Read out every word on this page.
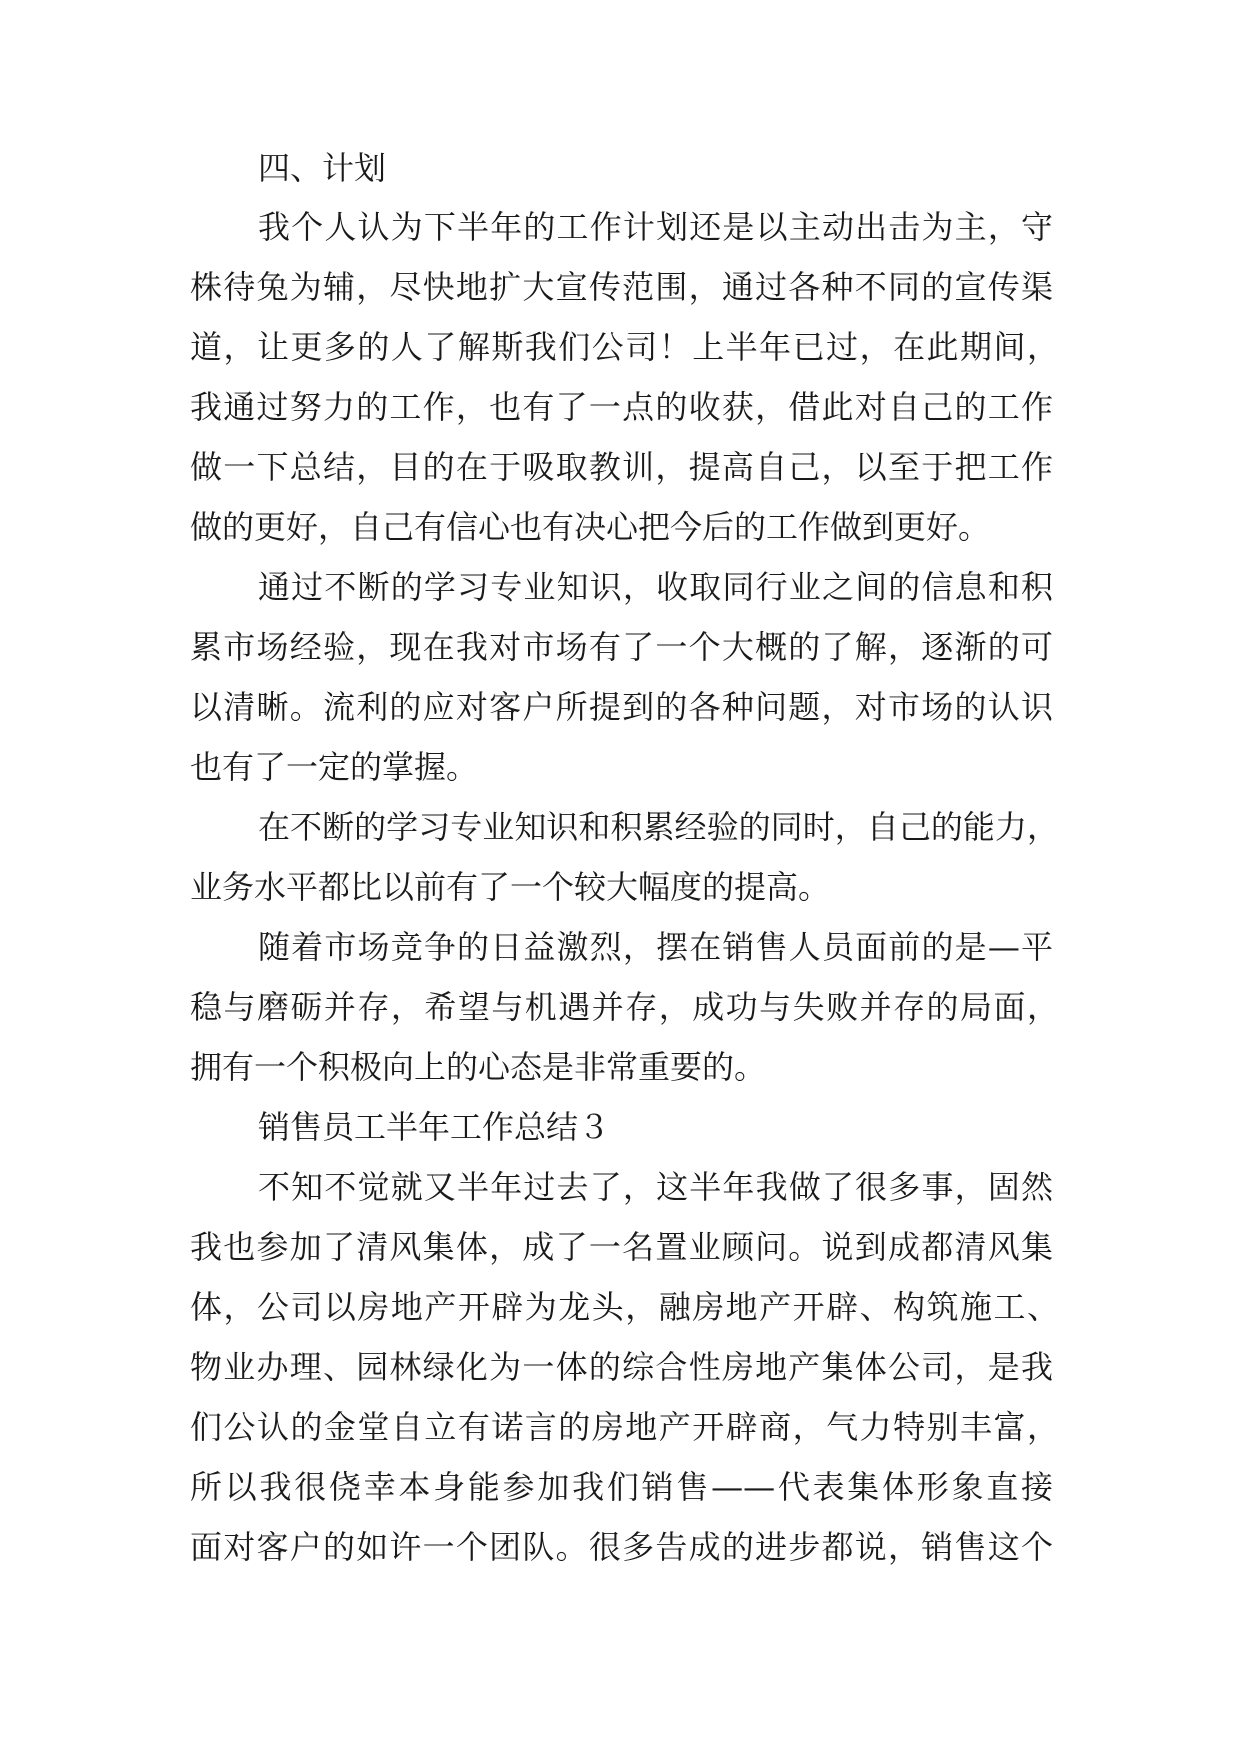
四、计划
我个人认为下半年的工作计划还是以主动出击为主，守
株待兔为辅，尽快地扩大宣传范围，通过各种不同的宣传渠
道，让更多的人了解斯我们公司！上半年已过，在此期间，
我通过努力的工作，也有了一点的收获，借此对自己的工作
做一下总结，目的在于吸取教训，提高自己，以至于把工作
做的更好，自己有信心也有决心把今后的工作做到更好。
通过不断的学习专业知识，收取同行业之间的信息和积
累市场经验，现在我对市场有了一个大概的了解，逐渐的可
以清晰。流利的应对客户所提到的各种问题，对市场的认识
也有了一定的掌握。
在不断的学习专业知识和积累经验的同时，自己的能力，
业务水平都比以前有了一个较大幅度的提高。
随着市场竞争的日益激烈，摆在销售人员面前的是—平
稳与磨砺并存，希望与机遇并存，成功与失败并存的局面，
拥有一个积极向上的心态是非常重要的。
销售员工半年工作总结３
不知不觉就又半年过去了，这半年我做了很多事，固然
我也参加了清风集体，成了一名置业顾问。说到成都清风集
体，公司以房地产开辟为龙头，融房地产开辟、构筑施工、
物业办理、园林绿化为一体的综合性房地产集体公司，是我
们公认的金堂自立有诺言的房地产开辟商，气力特别丰富，
所以我很侥幸本身能参加我们销售——代表集体形象直接
面对客户的如许一个团队。很多告成的进步都说，销售这个
